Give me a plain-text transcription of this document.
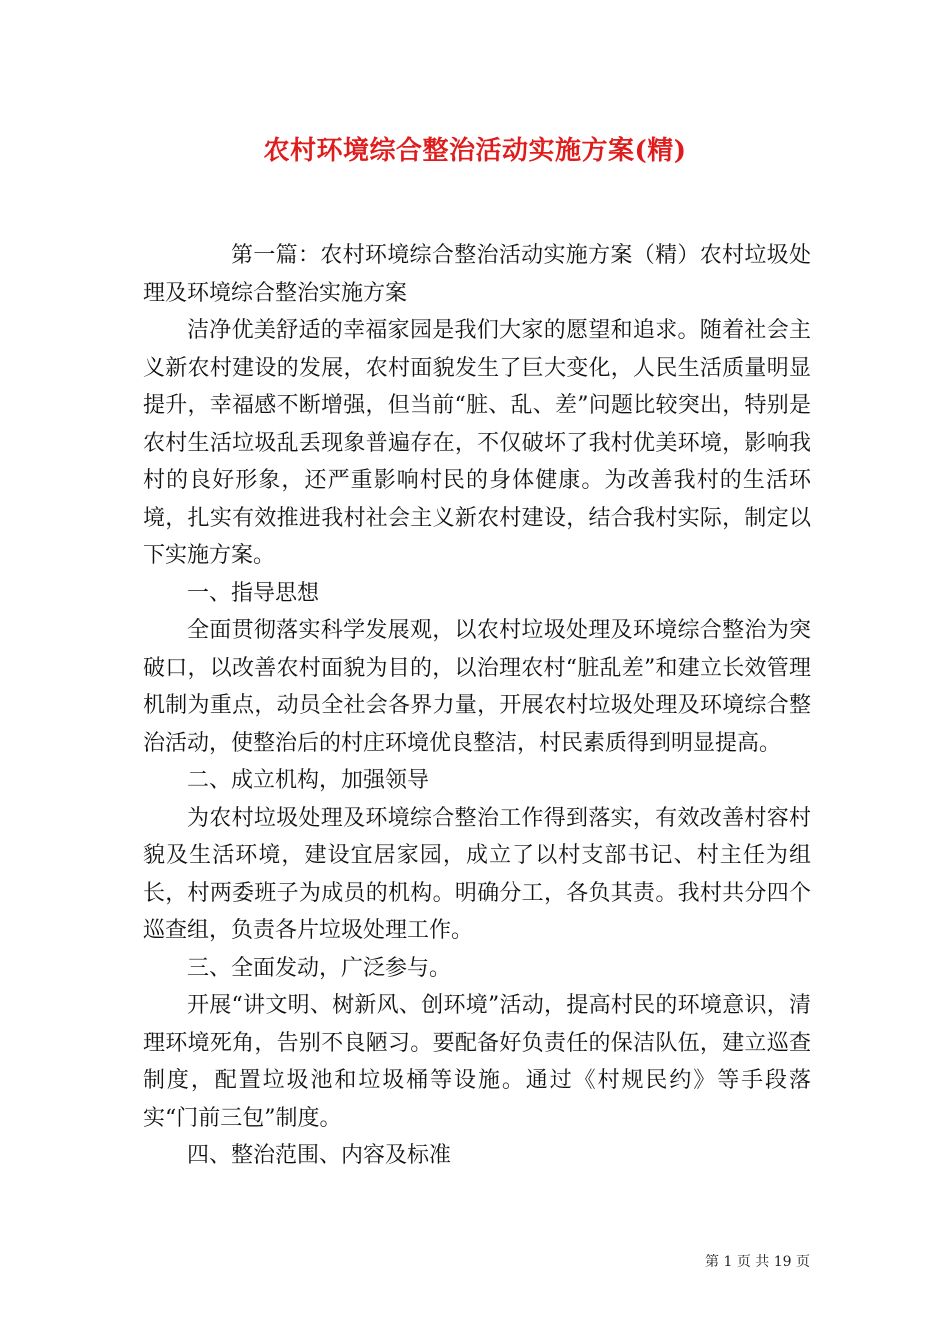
农村环境综合整治活动实施方案(精)

第一篇：农村环境综合整治活动实施方案（精）农村垃圾处理及环境综合整治实施方案

洁净优美舒适的幸福家园是我们大家的愿望和追求。随着社会主义新农村建设的发展，农村面貌发生了巨大变化，人民生活质量明显提升，幸福感不断增强，但当前“脏、乱、差”问题比较突出，特别是农村生活垃圾乱丢现象普遍存在，不仅破坏了我村优美环境，影响我村的良好形象，还严重影响村民的身体健康。为改善我村的生活环境，扎实有效推进我村社会主义新农村建设，结合我村实际，制定以下实施方案。

一、指导思想

全面贯彻落实科学发展观，以农村垃圾处理及环境综合整治为突破口，以改善农村面貌为目的，以治理农村“脏乱差”和建立长效管理机制为重点，动员全社会各界力量，开展农村垃圾处理及环境综合整治活动，使整治后的村庄环境优良整洁，村民素质得到明显提高。

二、成立机构，加强领导

为农村垃圾处理及环境综合整治工作得到落实，有效改善村容村貌及生活环境，建设宜居家园，成立了以村支部书记、村主任为组长，村两委班子为成员的机构。明确分工，各负其责。我村共分四个巡查组，负责各片垃圾处理工作。

三、全面发动，广泛参与。

开展“讲文明、树新风、创环境”活动，提高村民的环境意识，清理环境死角，告别不良陋习。要配备好负责任的保洁队伍，建立巡查制度，配置垃圾池和垃圾桶等设施。通过《村规民约》等手段落实“门前三包”制度。

四、整治范围、内容及标准

第 1 页 共 19 页
